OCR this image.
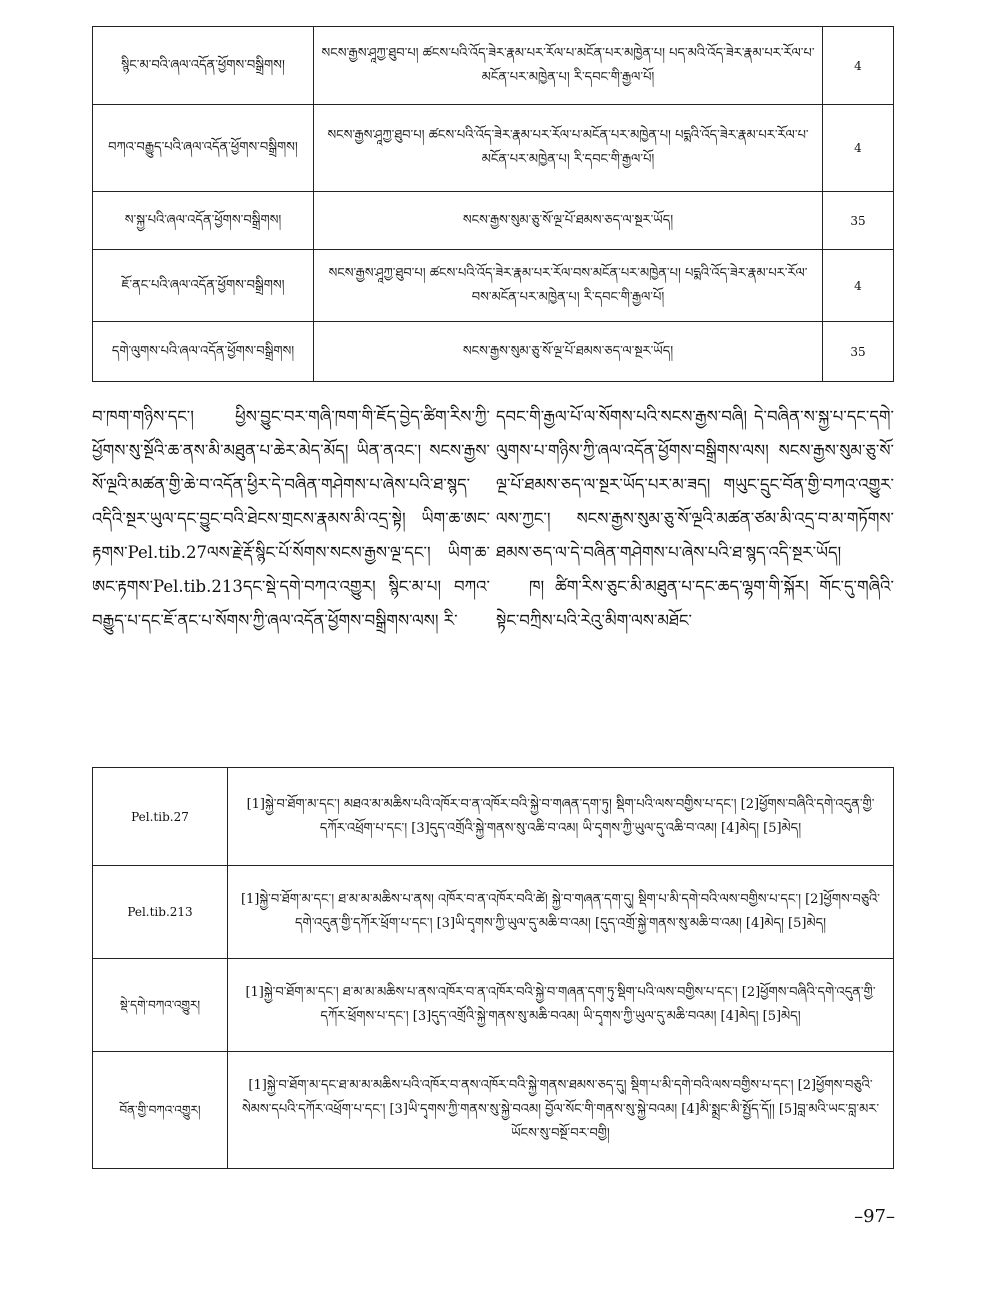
སྙིང་མ་བའི་ཞལ་འདོན་ཕྱོགས་བསྒྲིགས།	སངས་རྒྱས་ཤཱཀྱ་ཐུབ་པ། ཚངས་པའི་འོད་ཟེར་རྣམ་པར་རོལ་པ་མངོན་པར་མཁྱེན་པ། པད་མའི་འོད་ཟེར་རྣམ་པར་རོལ་པ་མངོན་པར་མཁྱེན་པ། རི་དབང་གི་རྒྱལ་པོ།	4
བཀའ་བརྒྱུད་པའི་ཞལ་འདོན་ཕྱོགས་བསྒྲིགས།	སངས་རྒྱས་ཤཱཀྱ་ཐུབ་པ། ཚངས་པའི་འོད་ཟེར་རྣམ་པར་རོལ་པ་མངོན་པར་མཁྱེན་པ། པདྨའི་འོད་ཟེར་རྣམ་པར་རོལ་པ་མངོན་པར་མཁྱེན་པ། རི་དབང་གི་རྒྱལ་པོ།	4
ས་སྐྱ་པའི་ཞལ་འདོན་ཕྱོགས་བསྒྲིགས།	སངས་རྒྱས་སུམ་ཅུ་སོ་ལྔ་པོ་ཐམས་ཅད་ལ་སྔར་ཡོད།	35
ཇོ་ནང་པའི་ཞལ་འདོན་ཕྱོགས་བསྒྲིགས།	སངས་རྒྱས་ཤཱཀྱ་ཐུབ་པ། ཚངས་པའི་འོད་ཟེར་རྣམ་པར་རོལ་བས་མངོན་པར་མཁྱེན་པ། པདྨའི་འོད་ཟེར་རྣམ་པར་རོལ་བས་མངོན་པར་མཁྱེན་པ། རི་དབང་གི་རྒྱལ་པོ།	4
དགེ་ལུགས་པའི་ཞལ་འདོན་ཕྱོགས་བསྒྲིགས།	སངས་རྒྱས་སུམ་ཅུ་སོ་ལྔ་པོ་ཐམས་ཅད་ལ་སྔར་ཡོད།	35

བ་ཁག་གཉིས་དང་། ཕྱིས་བྱུང་བར་གཞི་ཁག་གི་ཇོད་བྱེད་ཚིག་རིས་ཀྱི་ཕྱོགས་སུ་སྔོའི་ཆ་ནས་མི་མཐུན་པ་ཆེར་མེད་མོད། ཡིན་ནའང་། སངས་རྒྱས་སོ་ལྔའི་མཚན་གྱི་ཆེ་བ་འདོན་ཕྱིར་དེ་བཞིན་གཤེགས་པ་ཞེས་པའི་ཐ་སྙད་འདིའི་སྔར་ཡུལ་དང་བྱུང་བའི་ཐེངས་གྲངས་རྣམས་མི་འདྲ་སྟེ། ཡིག་ཆ་ཨང་རྟགས་Pel.tib.27ལས་རྗེ་རྡོ་སྙིང་པོ་སོགས་སངས་རྒྱས་ལྔ་དང་། ཡིག་ཆ་ཨང་རྟགས་Pel.tib.213དང་སྡེ་དགེ་བཀའ་འགྱུར། སྙིང་མ་པ། བཀའ་བརྒྱུད་པ་དང་ཇོ་ནང་པ་སོགས་ཀྱི་ཞལ་འདོན་ཕྱོགས་བསྒྲིགས་ལས། རི་

དབང་གི་རྒྱལ་པོ་ལ་སོགས་པའི་སངས་རྒྱས་བཞི། དེ་བཞིན་ས་སྐྱ་པ་དང་དགེ་ལུགས་པ་གཉིས་ཀྱི་ཞལ་འདོན་ཕྱོགས་བསྒྲིགས་ལས། སངས་རྒྱས་སུམ་ཅུ་སོ་ལྔ་པོ་ཐམས་ཅད་ལ་སྔར་ཡོད་པར་མ་ཟད། གཡུང་དྲུང་བོན་གྱི་བཀའ་འགྱུར་ལས་ཀྱང་། སངས་རྒྱས་སུམ་ཅུ་སོ་ལྔའི་མཚན་ཙམ་མི་འདྲ་བ་མ་གཏོགས་ཐམས་ཅད་ལ་དེ་བཞིན་གཤེགས་པ་ཞེས་པའི་ཐ་སྙད་འདི་སྔར་ཡོད།

ཁ། ཚིག་རིས་ཅུང་མི་མཐུན་པ་དང་ཆད་ལྷག་གི་སྐོར། གོང་དུ་གཞིའི་སྟེང་བཀྲིས་པའི་རེའུ་མིག་ལས་མཐོང་

Pel.tib.27	[1]སྐྱེ་བ་ཐོག་མ་དང་། མཐའ་མ་མཆིས་པའི་འཁོར་བ་ན་འཁོར་བའི་སྐྱེ་བ་གཞན་དག་ཏུ། སྡིག་པའི་ལས་བགྱིས་པ་དང་། [2]ཕྱོགས་བཞིའི་དགེ་འདུན་གྱི་དཀོར་འཕྲོག་པ་དང་། [3]དུད་འགྲོའི་སྐྱེ་གནས་སུ་འཆི་བ་འམ། ཡི་དྭགས་ཀྱི་ཡུལ་དུ་འཆི་བ་འམ། [4]མེད། [5]མེད།
Pel.tib.213	[1]སྐྱེ་བ་ཐོག་མ་དང་། ཐ་མ་མ་མཆིས་པ་ནས། འཁོར་བ་ན་འཁོར་བའི་ཚེ། སྐྱེ་བ་གཞན་དག་དུ། སྡིག་པ་མི་དགེ་བའི་ལས་བགྱིས་པ་དང་། [2]ཕྱོགས་བཅུའི་དགེ་འདུན་གྱི་དཀོར་ཕྲོག་པ་དང་། [3]ཡི་དྭགས་ཀྱི་ཡུལ་དུ་མཆི་བ་འམ། [དུད་འགྲོ་སྐྱེ་གནས་སུ་མཆི་བ་འམ། [4]མེད། [5]མེད།
སྡེ་དགེ་བཀའ་འགྱུར།	[1]སྐྱེ་བ་ཐོག་མ་དང་། ཐ་མ་མ་མཆིས་པ་ནས་འཁོར་བ་ན་འཁོར་བའི་སྐྱེ་བ་གཞན་དག་ཏུ་སྡིག་པའི་ལས་བགྱིས་པ་དང་། [2]ཕྱོགས་བཞིའི་དགེ་འདུན་གྱི་དཀོར་ཕྲོགས་པ་དང་། [3]དུད་འགྲོའི་སྐྱེ་གནས་སུ་མཆི་བའམ། ཡི་དྭགས་ཀྱི་ཡུལ་དུ་མཆི་བའམ། [4]མེད། [5]མེད།
བོན་གྱི་བཀའ་འགྱུར།	[1]སྐྱེ་བ་ཐོག་མ་དང་ཐ་མ་མ་མཆིས་པའི་འཁོར་བ་ནས་འཁོར་བའི་སྐྱེ་གནས་ཐམས་ཅད་དུ། སྡིག་པ་མི་དགེ་བའི་ལས་བགྱིས་པ་དང་། [2]ཕྱོགས་བཅུའི་སེམས་དཔའི་དཀོར་འཕྲོག་པ་དང་། [3]ཡི་དྭགས་ཀྱི་གནས་སུ་སྐྱེ་བའམ། བྱོལ་སོང་གི་གནས་སུ་སྐྱེ་བའམ། [4]མི་སྨྲང་མི་སྤྱོད་དོ།། [5]བླ་མའི་ཡང་བླ་མར་ཡོངས་སུ་བསྔོ་བར་བགྱི།
–97–
